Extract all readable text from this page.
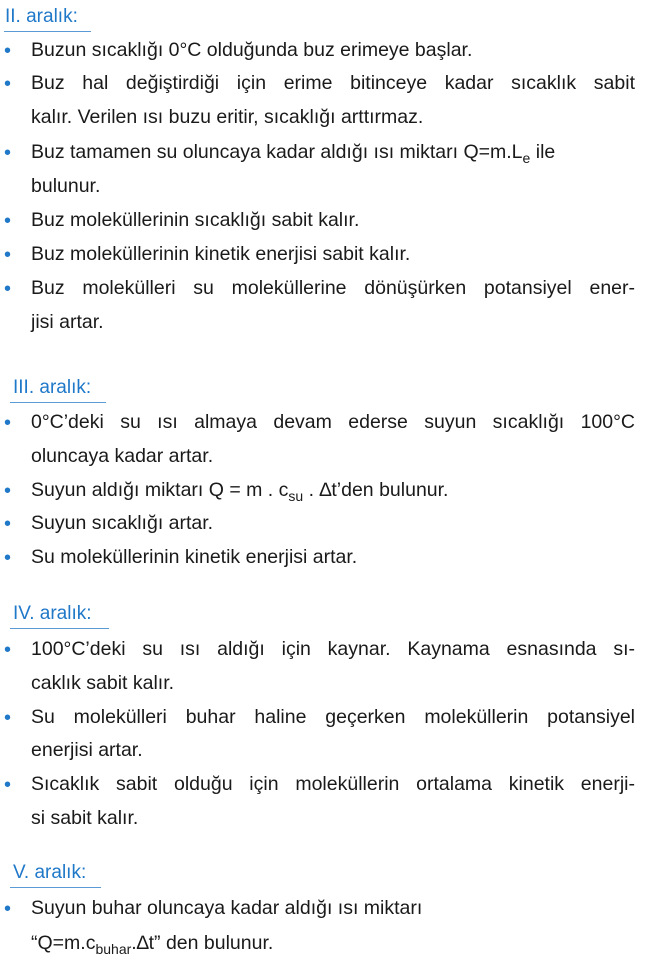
II. aralık:
• Buzun sıcaklığı 0°C olduğunda buz erimeye başlar.
• Buz hal değiştirdiği için erime bitinceye kadar sıcaklık sabit
kalır. Verilen ısı buzu eritir, sıcaklığı arttırmaz.
• Buz tamamen su oluncaya kadar aldığı ısı miktarı $Q=m.L_e$ ile
bulunur.
• Buz moleküllerinin sıcaklığı sabit kalır.
• Buz moleküllerinin kinetik enerjisi sabit kalır.
• Buz molekülleri su moleküllerine dönüşürken potansiyel ener-
jisi artar.
III. aralık:
• 0°C’deki su ısı almaya devam ederse suyun sıcaklığı 100°C
oluncaya kadar artar.
• Suyun aldığı miktarı Q = m . $c_{su}$ . ∆t’den bulunur.
• Suyun sıcaklığı artar.
• Su moleküllerinin kinetik enerjisi artar.
IV. aralık:
• 100°C’deki su ısı aldığı için kaynar. Kaynama esnasında sı-
caklık sabit kalır.
• Su molekülleri buhar haline geçerken moleküllerin potansiyel
enerjisi artar.
• Sıcaklık sabit olduğu için moleküllerin ortalama kinetik enerji-
si sabit kalır.
V. aralık:
• Suyun buhar oluncaya kadar aldığı ısı miktarı
“$Q=m.c_{buhar}.\Delta t$” den bulunur.
